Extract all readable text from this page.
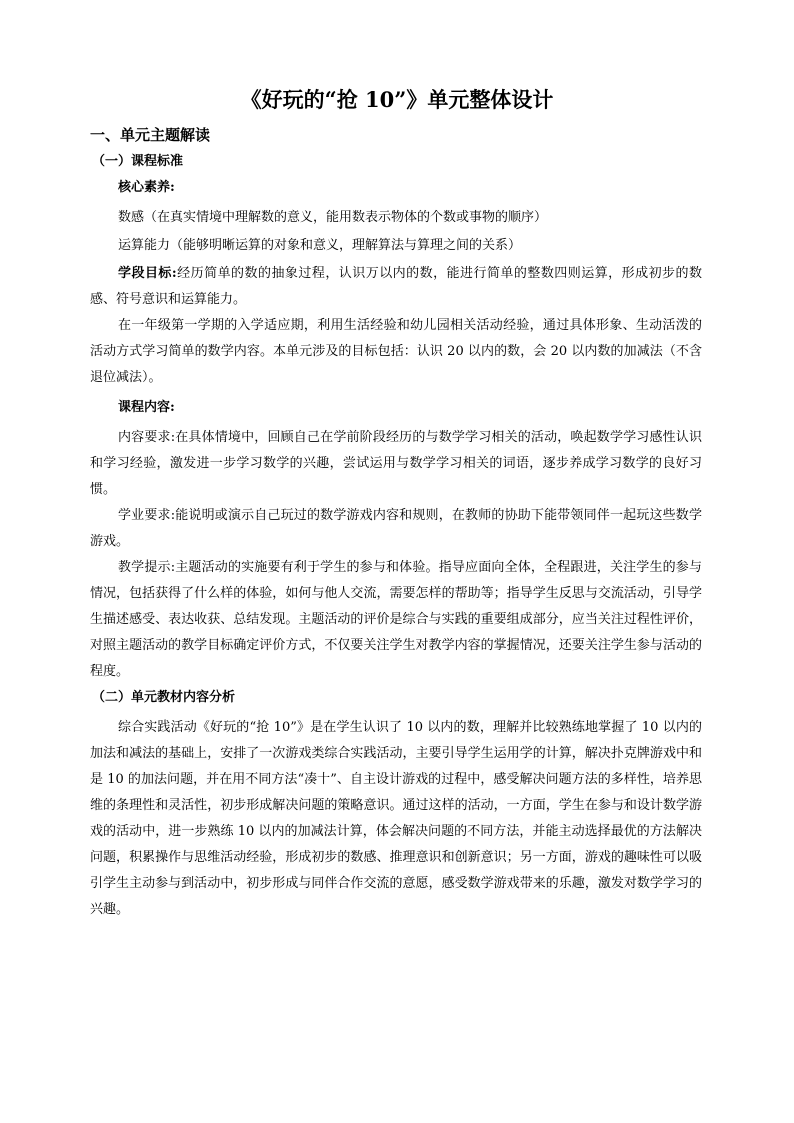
《好玩的“抢 10”》单元整体设计
一、单元主题解读
（一）课程标准
核心素养:
数感（在真实情境中理解数的意义，能用数表示物体的个数或事物的顺序）
运算能力（能够明晰运算的对象和意义，理解算法与算理之间的关系）

学段目标:经历简单的数的抽象过程，认识万以内的数，能进行简单的整数四则运算，形成初步的数感、符号意识和运算能力。

在一年级第一学期的入学适应期，利用生活经验和幼儿园相关活动经验，通过具体形象、生动活泼的活动方式学习简单的数学内容。本单元涉及的目标包括：认识 20 以内的数，会 20 以内数的加减法（不含退位减法）。

课程内容:

内容要求:在具体情境中，回顾自己在学前阶段经历的与数学学习相关的活动，唤起数学学习感性认识和学习经验，激发进一步学习数学的兴趣，尝试运用与数学学习相关的词语，逐步养成学习数学的良好习惯。

学业要求:能说明或演示自己玩过的数学游戏内容和规则，在教师的协助下能带领同伴一起玩这些数学游戏。

教学提示:主题活动的实施要有利于学生的参与和体验。指导应面向全体，全程跟进，关注学生的参与情况，包括获得了什么样的体验，如何与他人交流，需要怎样的帮助等；指导学生反思与交流活动，引导学生描述感受、表达收获、总结发现。主题活动的评价是综合与实践的重要组成部分，应当关注过程性评价，对照主题活动的教学目标确定评价方式，不仅要关注学生对教学内容的掌握情况，还要关注学生参与活动的程度。

（二）单元教材内容分析

综合实践活动《好玩的“抢 10”》是在学生认识了 10 以内的数，理解并比较熟练地掌握了 10 以内的加法和减法的基础上，安排了一次游戏类综合实践活动，主要引导学生运用学的计算，解决扑克牌游戏中和是 10 的加法问题，并在用不同方法“凑十”、自主设计游戏的过程中，感受解决问题方法的多样性，培养思维的条理性和灵活性，初步形成解决问题的策略意识。通过这样的活动，一方面，学生在参与和设计数学游戏的活动中，进一步熟练 10 以内的加减法计算，体会解决问题的不同方法，并能主动选择最优的方法解决问题，积累操作与思维活动经验，形成初步的数感、推理意识和创新意识；另一方面，游戏的趣味性可以吸引学生主动参与到活动中，初步形成与同伴合作交流的意愿，感受数学游戏带来的乐趣，激发对数学学习的兴趣。
